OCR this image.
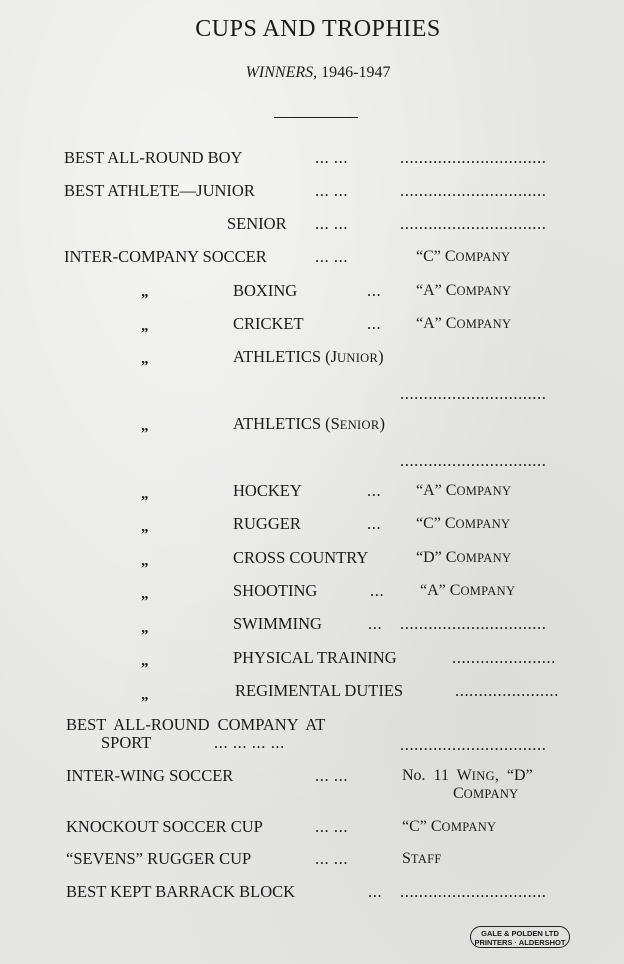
CUPS AND TROPHIES
WINNERS, 1946-1947
BEST ALL-ROUND BOY	... ...	...............................
BEST ATHLETE—JUNIOR	... ...	...............................
SENIOR ... ...	...............................
INTER-COMPANY SOCCER	... ...	“C” COMPANY
„	BOXING	... “A” COMPANY
„	CRICKET	... “A” COMPANY
„	ATHLETICS (JUNIOR)
...............................
„	ATHLETICS (SENIOR)
...............................
„	HOCKEY	... “A” COMPANY
„	RUGGER	... “C” COMPANY
„	CROSS COUNTRY	“D” COMPANY
„	SHOOTING	... “A” COMPANY
„	SWIMMING	... ...............................
„	PHYSICAL TRAINING	......................
„	REGIMENTAL DUTIES	......................
BEST ALL-ROUND COMPANY AT
SPORT	... ... ... ...	...............................
INTER-WING SOCCER	... ...	No. 11 WING, “D”
COMPANY
KNOCKOUT SOCCER CUP	... ...	“C” COMPANY
“SEVENS” RUGGER CUP	... ...	STAFF
BEST KEPT BARRACK BLOCK	... ...............................
GALE & POLDEN LTD
PRINTERS · ALDERSHOT
